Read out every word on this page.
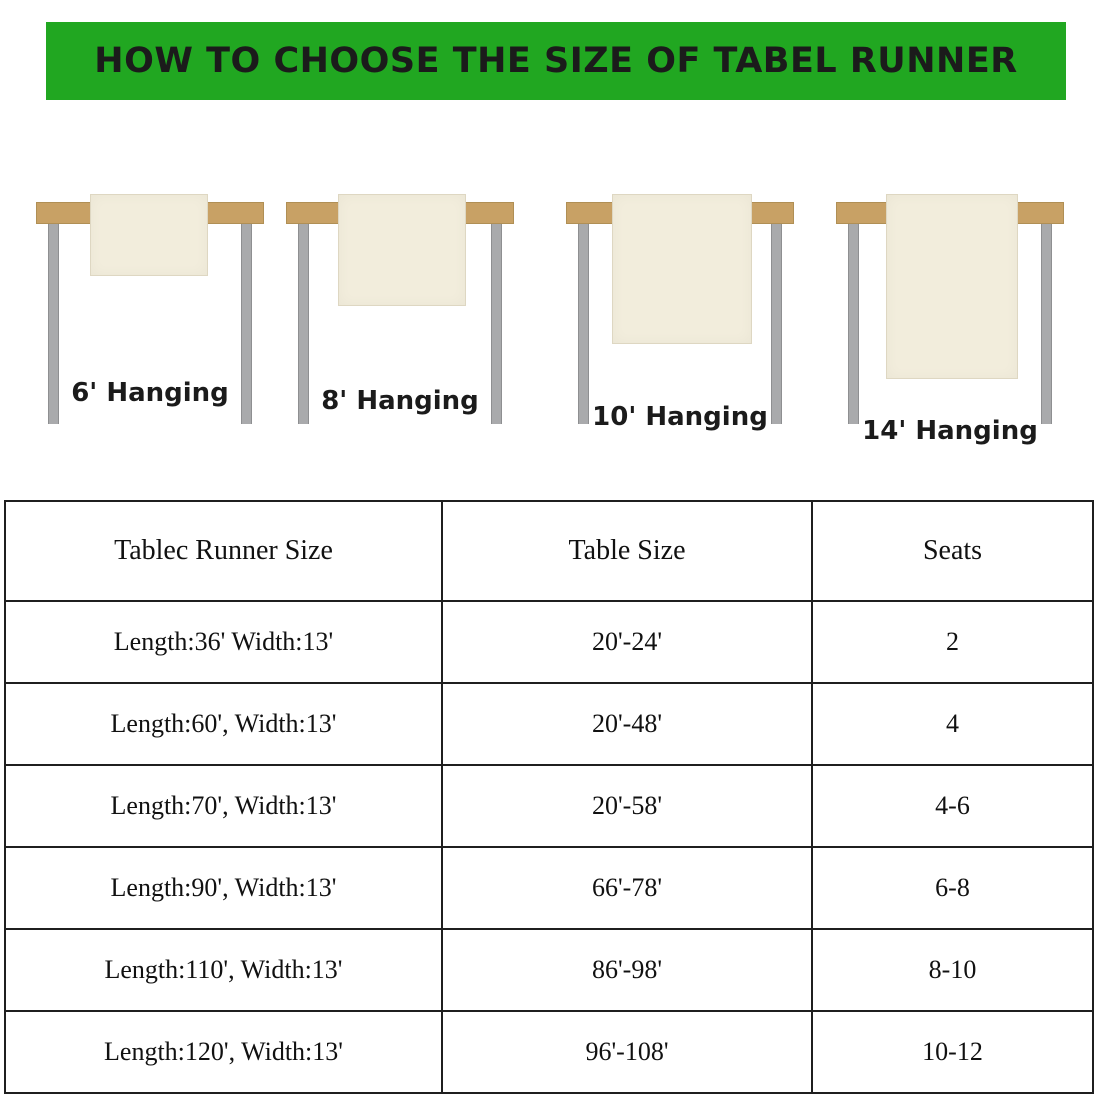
HOW TO CHOOSE THE SIZE OF TABEL RUNNER
6' Hanging	8' Hanging
10' Hanging	14' Hanging
Tablec Runner Size	Table Size	Seats
Length:36' Width:13'	20'-24'	2
Length:60', Width:13'	20'-48'	4
Length:70', Width:13'	20'-58'	4-6
Length:90', Width:13'	66'-78'	6-8
Length:110', Width:13'	86'-98'	8-10
Length:120', Width:13'	96'-108'	10-12
